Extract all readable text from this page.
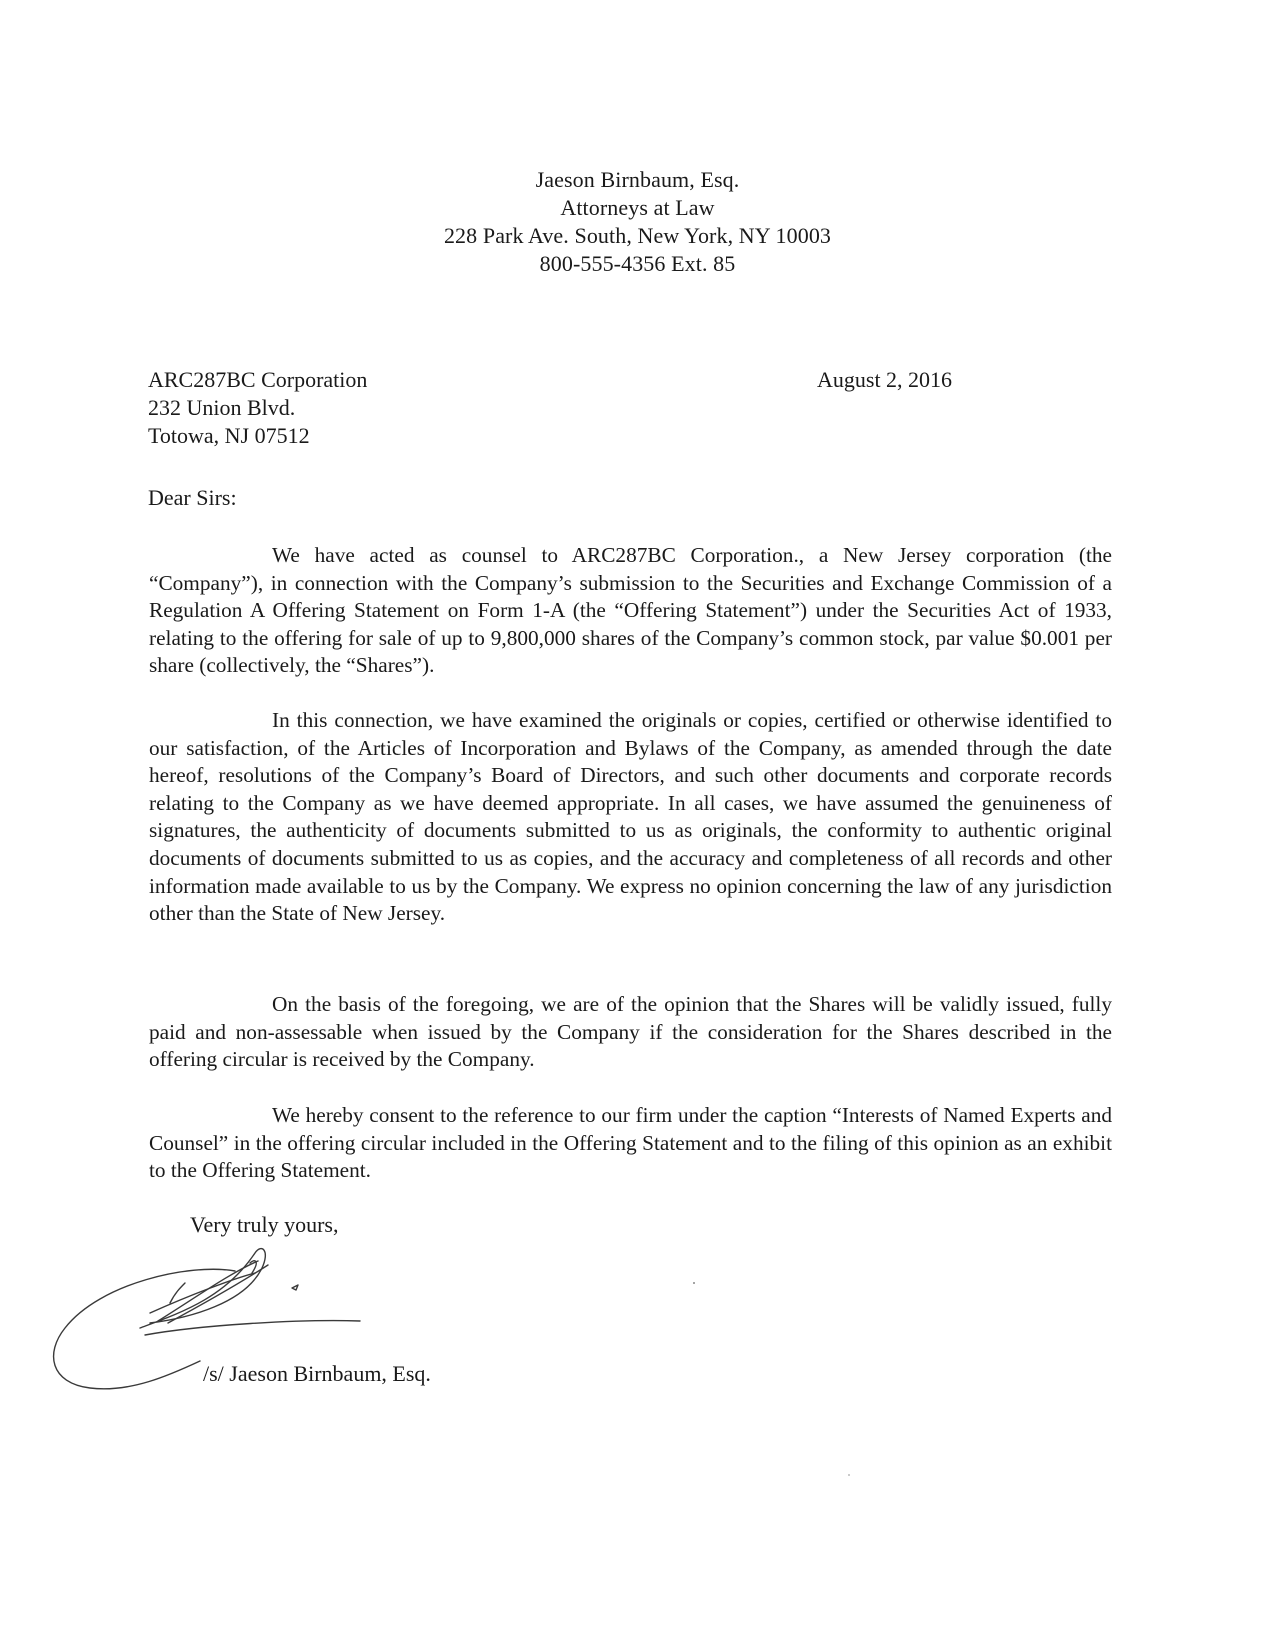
Jaeson Birnbaum, Esq.
Attorneys at Law
228 Park Ave. South, New York, NY 10003
800-555-4356 Ext. 85
ARC287BC Corporation
232 Union Blvd.
Totowa, NJ 07512
August 2, 2016
Dear Sirs:

We have acted as counsel to ARC287BC Corporation., a New Jersey corporation (the “Company”), in connection with the Company’s submission to the Securities and Exchange Commission of a Regulation A Offering Statement on Form 1-A (the “Offering Statement”) under the Securities Act of 1933, relating to the offering for sale of up to 9,800,000 shares of the Company’s common stock, par value $0.001 per share (collectively, the “Shares”).

In this connection, we have examined the originals or copies, certified or otherwise identified to our satisfaction, of the Articles of Incorporation and Bylaws of the Company, as amended through the date hereof, resolutions of the Company’s Board of Directors, and such other documents and corporate records relating to the Company as we have deemed appropriate. In all cases, we have assumed the genuineness of signatures, the authenticity of documents submitted to us as originals, the conformity to authentic original documents of documents submitted to us as copies, and the accuracy and completeness of all records and other information made available to us by the Company. We express no opinion concerning the law of any jurisdiction other than the State of New Jersey.

On the basis of the foregoing, we are of the opinion that the Shares will be validly issued, fully paid and non-assessable when issued by the Company if the consideration for the Shares described in the offering circular is received by the Company.

We hereby consent to the reference to our firm under the caption “Interests of Named Experts and Counsel” in the offering circular included in the Offering Statement and to the filing of this opinion as an exhibit to the Offering Statement.

Very truly yours,
/s/ Jaeson Birnbaum, Esq.
